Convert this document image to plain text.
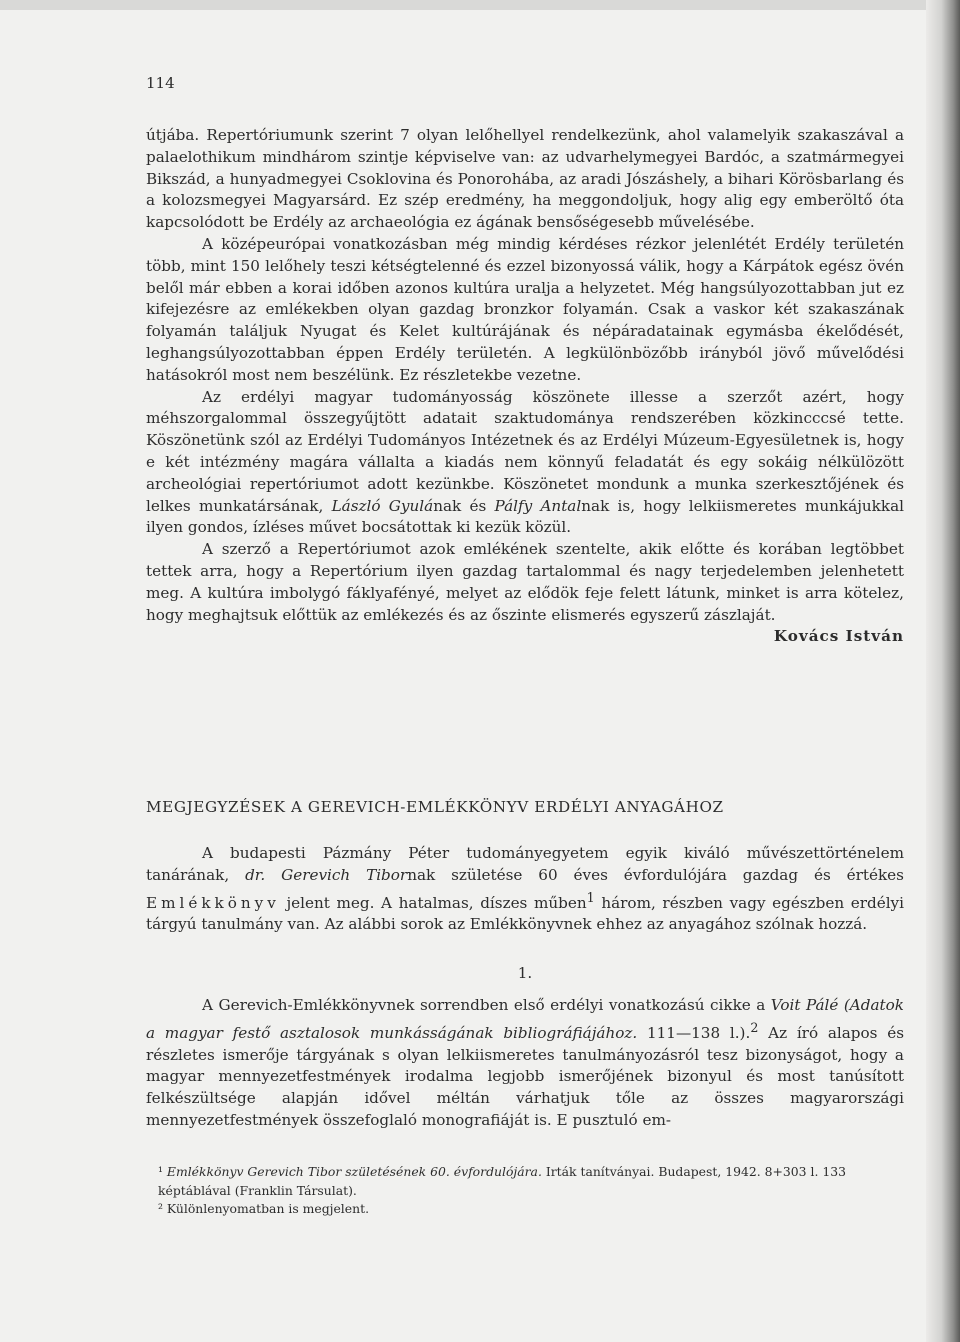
114

útjába. Repertóriumunk szerint 7 olyan lelőhellyel rendelkezünk, ahol valamelyik szakaszával a palaelothikum mindhárom szintje képviselve van: az udvarhelymegyei Bardóc, a szatmármegyei Bikszád, a hunyadmegyei Csoklovina és Ponorohába, az aradi Jószáshely, a bihari Körösbarlang és a kolozsmegyei Magyarsárd. Ez szép eredmény, ha meggondoljuk, hogy alig egy emberöltő óta kapcsolódott be Erdély az archaeológia ez ágának bensőségesebb művelésébe.

A középeurópai vonatkozásban még mindig kérdéses rézkor jelenlétét Erdély területén több, mint 150 lelőhely teszi kétségtelenné és ezzel bizonyossá válik, hogy a Kárpátok egész övén belől már ebben a korai időben azonos kultúra uralja a helyzetet. Még hangsúlyozottabban jut ez kifejezésre az emlékekben olyan gazdag bronzkor folyamán. Csak a vaskor két szakaszának folyamán találjuk Nyugat és Kelet kultúrájának és népáradatainak egymásba ékelődését, leghangsúlyozottabban éppen Erdély területén. A legkülönbözőbb irányból jövő művelődési hatásokról most nem beszélünk. Ez részletekbe vezetne.

Az erdélyi magyar tudományosság köszönete illesse a szerzőt azért, hogy méhszorgalommal összegyűjtött adatait szaktudománya rendszerében közkincccsé tette. Köszönetünk szól az Erdélyi Tudományos Intézetnek és az Erdélyi Múzeum-Egyesületnek is, hogy e két intézmény magára vállalta a kiadás nem könnyű feladatát és egy sokáig nélkülözött archeológiai repertóriumot adott kezünkbe. Köszönetet mondunk a munka szerkesztőjének és lelkes munkatársának, László Gyulának és Pálfy Antalnak is, hogy lelkiismeretes munkájukkal ilyen gondos, ízléses művet bocsátottak ki kezük közül.

A szerző a Repertóriumot azok emlékének szentelte, akik előtte és korában legtöbbet tettek arra, hogy a Repertórium ilyen gazdag tartalommal és nagy terjedelemben jelenhetett meg. A kultúra imbolygó fáklyafényé, melyet az elődök feje felett látunk, minket is arra kötelez, hogy meghajtsuk előttük az emlékezés és az őszinte elismerés egyszerű zászlaját.

Kovács István

MEGJEGYZÉSEK A GEREVICH-EMLÉKKÖNYV ERDÉLYI ANYAGÁHOZ

A budapesti Pázmány Péter tudományegyetem egyik kiváló művészettörténelem tanárának, dr. Gerevich Tibornak születése 60 éves évfordulójára gazdag és értékes Emlékkönyv jelent meg. A hatalmas, díszes műben$^1$ három, részben vagy egészben erdélyi tárgyú tanulmány van. Az alábbi sorok az Emlékkönyvnek ehhez az anyagához szólnak hozzá.

1.

A Gerevich-Emlékkönyvnek sorrendben első erdélyi vonatkozású cikke a Voit Pálé (Adatok a magyar festő asztalosok munkásságának bibliográfiájához. 111—138 l.).$^2$ Az író alapos és részletes ismerője tárgyának s olyan lelkiismeretes tanulmányozásról tesz bizonyságot, hogy a magyar mennyezetfestmények irodalma legjobb ismerőjének bizonyul és most tanúsított felkészültsége alapján idővel méltán várhatjuk tőle az összes magyarországi mennyezetfestmények összefoglaló monografiáját is. E pusztuló em-

¹ Emlékkönyv Gerevich Tibor születésének 60. évfordulójára. Irták tanítványai. Budapest, 1942. 8+303 l. 133 képtáblával (Franklin Társulat).

² Különlenyomatban is megjelent.
